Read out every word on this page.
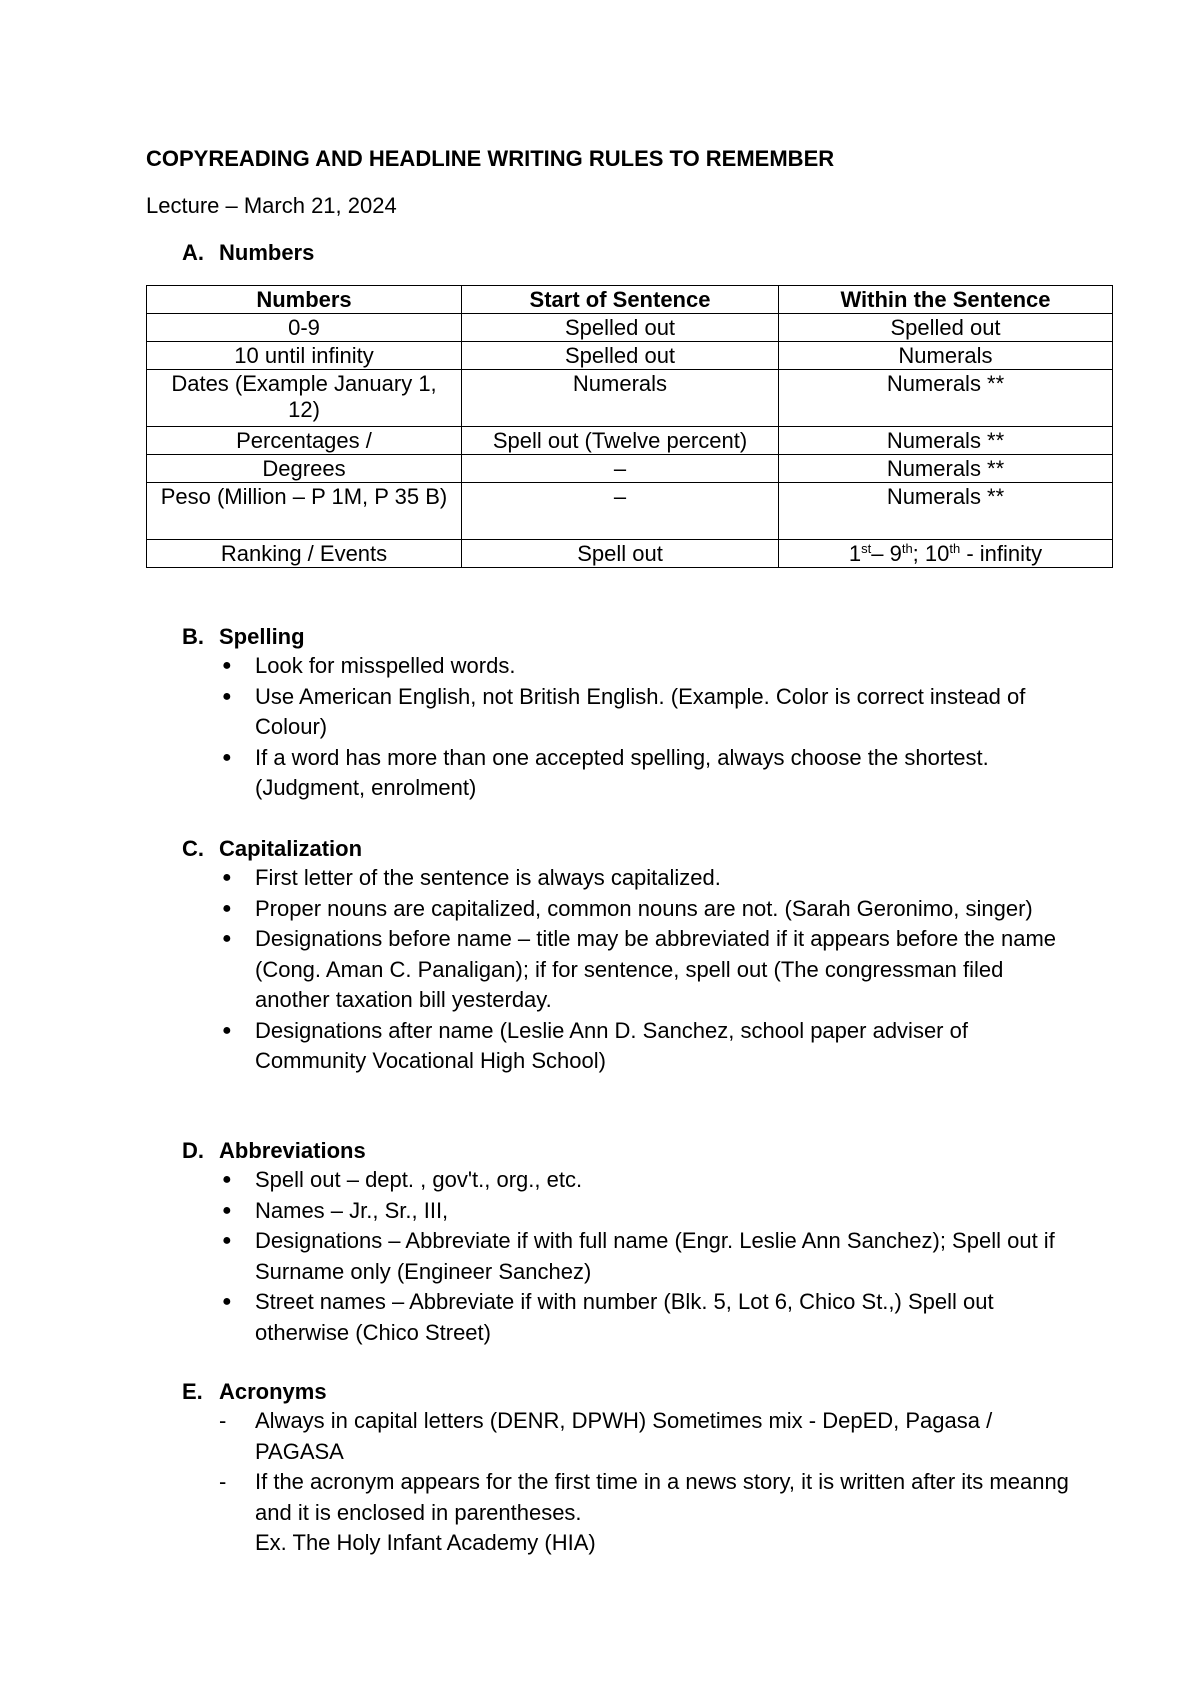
COPYREADING AND HEADLINE WRITING RULES TO REMEMBER
Lecture – March 21, 2024
A. Numbers
Numbers	Start of Sentence	Within the Sentence
0-9	Spelled out	Spelled out
10 until infinity	Spelled out	Numerals
Dates (Example January 1, 12)	Numerals	Numerals **
Percentages /	Spell out (Twelve percent)	Numerals **
Degrees	–	Numerals **
Peso (Million – P 1M, P 35 B)	–	Numerals **
Ranking / Events	Spell out	1st– 9th; 10th - infinity
B. Spelling
● Look for misspelled words.
● Use American English, not British English. (Example. Color is correct instead of Colour)
● If a word has more than one accepted spelling, always choose the shortest. (Judgment, enrolment)
C. Capitalization
● First letter of the sentence is always capitalized.
● Proper nouns are capitalized, common nouns are not. (Sarah Geronimo, singer)
● Designations before name – title may be abbreviated if it appears before the name (Cong. Aman C. Panaligan); if for sentence, spell out (The congressman filed another taxation bill yesterday.
● Designations after name (Leslie Ann D. Sanchez, school paper adviser of Community Vocational High School)
D. Abbreviations
● Spell out – dept. , gov't., org., etc.
● Names – Jr., Sr., III,
● Designations – Abbreviate if with full name (Engr. Leslie Ann Sanchez); Spell out if Surname only (Engineer Sanchez)
● Street names – Abbreviate if with number (Blk. 5, Lot 6, Chico St.,) Spell out otherwise (Chico Street)
E. Acronyms
- Always in capital letters (DENR, DPWH) Sometimes mix - DepED, Pagasa / PAGASA
- If the acronym appears for the first time in a news story, it is written after its meanng and it is enclosed in parentheses.
Ex. The Holy Infant Academy (HIA)
